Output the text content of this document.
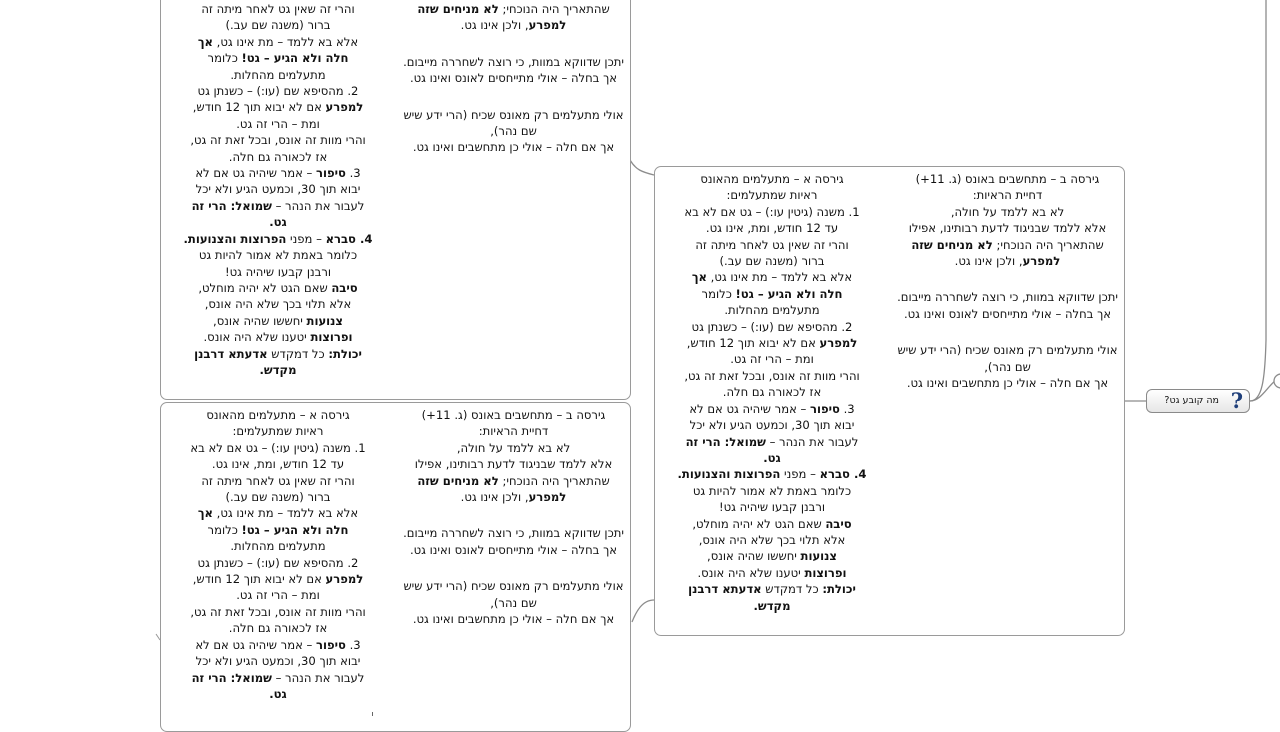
שהתאריך היה הנוכחי; לא מניחים שזה
למפרע, ולכן אינו גט.
יתכן שדווקא במוות, כי רוצה לשחררה מייבום.
אך בחלה – אולי מתייחסים לאונס ואינו גט.
אולי מתעלמים רק מאונס שכיח (הרי ידע שיש
שם נהר),
אך אם חלה – אולי כן מתחשבים ואינו גט.
והרי זה שאין גט לאחר מיתה זה
ברור (משנה שם עב.)
אלא בא ללמד – מת אינו גט, אך
חלה ולא הגיע – גט! כלומר
מתעלמים מהחלות.
2. מהסיפא שם (עו:) – כשנתן גט
למפרע אם לא יבוא תוך 12 חודש,
ומת – הרי זה גט.
והרי מוות זה אונס, ובכל זאת זה גט,
אז לכאורה גם חלה.
3. סיפור – אמר שיהיה גט אם לא
יבוא תוך 30, וכמעט הגיע ולא יכל
לעבור את הנהר – שמואל: הרי זה
גט.
4. סברא – מפני הפרוצות והצנועות.
כלומר באמת לא אמור להיות גט
ורבנן קבעו שיהיה גט!
סיבה שאם הגט לא יהיה מוחלט,
אלא תלוי בכך שלא היה אונס,
צנועות יחששו שהיה אונס,
ופרוצות יטענו שלא היה אונס.
יכולת: כל דמקדש אדעתא דרבנן
מקדש.
גירסה ב – מתחשבים באונס (ג. 11+)
דחיית הראיות:
לא בא ללמד על חולה,
אלא ללמד שבניגוד לדעת רבותינו, אפילו
שהתאריך היה הנוכחי; לא מניחים שזה
למפרע, ולכן אינו גט.
יתכן שדווקא במוות, כי רוצה לשחררה מייבום.
אך בחלה – אולי מתייחסים לאונס ואינו גט.
אולי מתעלמים רק מאונס שכיח (הרי ידע שיש
שם נהר),
אך אם חלה – אולי כן מתחשבים ואינו גט.
גירסה א – מתעלמים מהאונס
ראיות שמתעלמים:
1. משנה (גיטין עו:) – גט אם לא בא
עד 12 חודש, ומת, אינו גט.
והרי זה שאין גט לאחר מיתה זה
ברור (משנה שם עב.)
אלא בא ללמד – מת אינו גט, אך
חלה ולא הגיע – גט! כלומר
מתעלמים מהחלות.
2. מהסיפא שם (עו:) – כשנתן גט
למפרע אם לא יבוא תוך 12 חודש,
ומת – הרי זה גט.
והרי מוות זה אונס, ובכל זאת זה גט,
אז לכאורה גם חלה.
3. סיפור – אמר שיהיה גט אם לא
יבוא תוך 30, וכמעט הגיע ולא יכל
לעבור את הנהר – שמואל: הרי זה
גט.
גירסה ב – מתחשבים באונס (ג. 11+)
דחיית הראיות:
לא בא ללמד על חולה,
אלא ללמד שבניגוד לדעת רבותינו, אפילו
שהתאריך היה הנוכחי; לא מניחים שזה
למפרע, ולכן אינו גט.
יתכן שדווקא במוות, כי רוצה לשחררה מייבום.
אך בחלה – אולי מתייחסים לאונס ואינו גט.
אולי מתעלמים רק מאונס שכיח (הרי ידע שיש
שם נהר),
אך אם חלה – אולי כן מתחשבים ואינו גט.
גירסה א – מתעלמים מהאונס
ראיות שמתעלמים:
1. משנה (גיטין עו:) – גט אם לא בא
עד 12 חודש, ומת, אינו גט.
והרי זה שאין גט לאחר מיתה זה
ברור (משנה שם עב.)
אלא בא ללמד – מת אינו גט, אך
חלה ולא הגיע – גט! כלומר
מתעלמים מהחלות.
2. מהסיפא שם (עו:) – כשנתן גט
למפרע אם לא יבוא תוך 12 חודש,
ומת – הרי זה גט.
והרי מוות זה אונס, ובכל זאת זה גט,
אז לכאורה גם חלה.
3. סיפור – אמר שיהיה גט אם לא
יבוא תוך 30, וכמעט הגיע ולא יכל
לעבור את הנהר – שמואל: הרי זה
גט.
4. סברא – מפני הפרוצות והצנועות.
כלומר באמת לא אמור להיות גט
ורבנן קבעו שיהיה גט!
סיבה שאם הגט לא יהיה מוחלט,
אלא תלוי בכך שלא היה אונס,
צנועות יחששו שהיה אונס,
ופרוצות יטענו שלא היה אונס.
יכולת: כל דמקדש אדעתא דרבנן
מקדש.
?
מה קובע גט?
